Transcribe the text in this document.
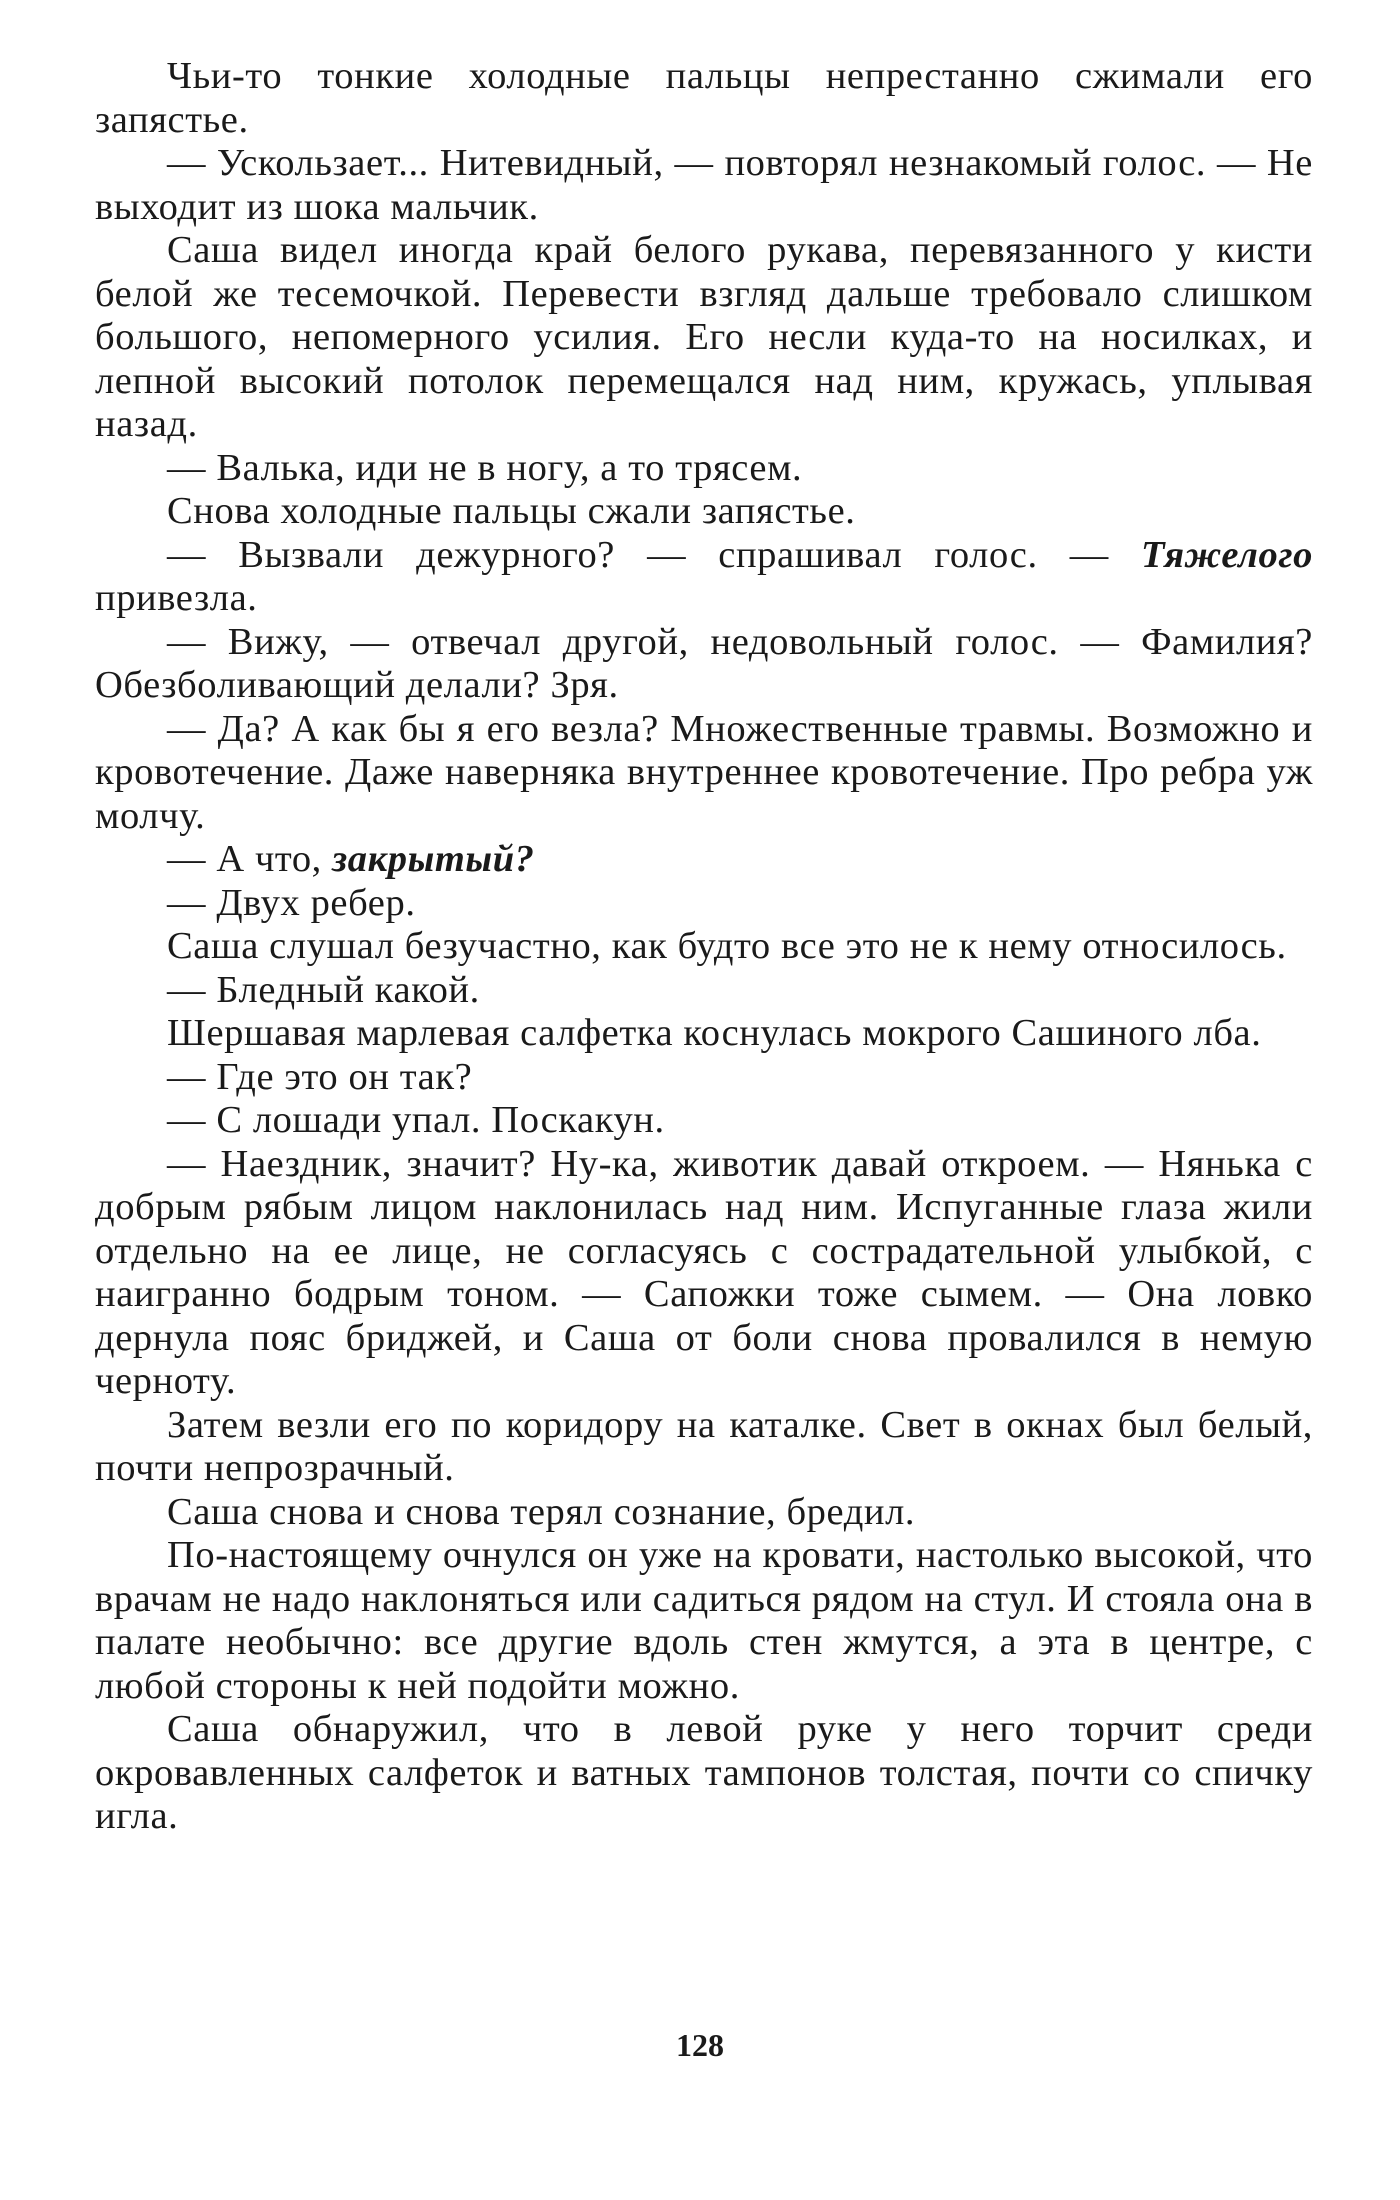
Чьи-то тонкие холодные пальцы непрестанно сжимали его запястье.

— Ускользает... Нитевидный, — повторял незнакомый голос. — Не выходит из шока мальчик.

Саша видел иногда край белого рукава, перевязанного у кисти белой же тесемочкой. Перевести взгляд дальше требовало слишком большого, непомерного усилия. Его несли куда-то на носилках, и лепной высокий потолок перемещался над ним, кружась, уплывая назад.

— Валька, иди не в ногу, а то трясем.

Снова холодные пальцы сжали запястье.

— Вызвали дежурного? — спрашивал голос. — Тяжелого привезла.

— Вижу, — отвечал другой, недовольный голос. — Фамилия? Обезболивающий делали? Зря.

— Да? А как бы я его везла? Множественные травмы. Возможно и кровотечение. Даже наверняка внутреннее кровотечение. Про ребра уж молчу.

— А что, закрытый?

— Двух ребер.

Саша слушал безучастно, как будто все это не к нему относилось.

— Бледный какой.

Шершавая марлевая салфетка коснулась мокрого Сашиного лба.

— Где это он так?

— С лошади упал. Поскакун.

— Наездник, значит? Ну-ка, животик давай откроем. — Нянька с добрым рябым лицом наклонилась над ним. Испуганные глаза жили отдельно на ее лице, не согласуясь с сострадательной улыбкой, с наигранно бодрым тоном. — Сапожки тоже сымем. — Она ловко дернула пояс бриджей, и Саша от боли снова провалился в немую черноту.

Затем везли его по коридору на каталке. Свет в окнах был белый, почти непрозрачный.

Саша снова и снова терял сознание, бредил.

По-настоящему очнулся он уже на кровати, настолько высокой, что врачам не надо наклоняться или садиться рядом на стул. И стояла она в палате необычно: все другие вдоль стен жмутся, а эта в центре, с любой стороны к ней подойти можно.

Саша обнаружил, что в левой руке у него торчит среди окровавленных салфеток и ватных тампонов толстая, почти со спичку игла.

128
